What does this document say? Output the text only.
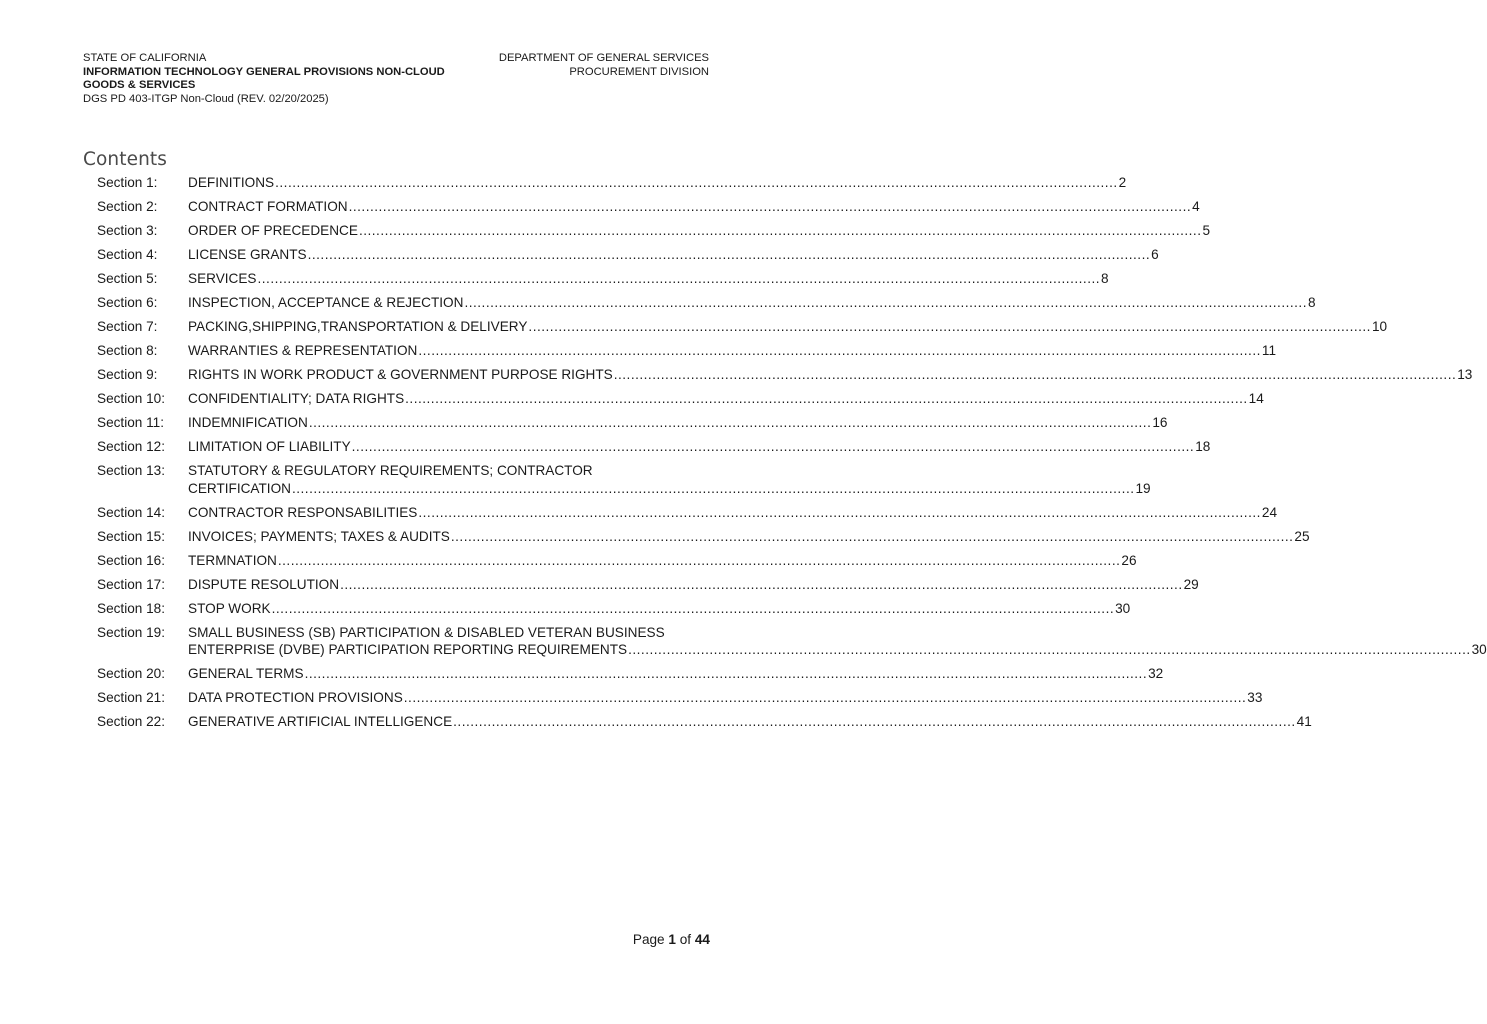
STATE OF CALIFORNIA
INFORMATION TECHNOLOGY GENERAL PROVISIONS NON-CLOUD
GOODS & SERVICES
DGS PD 403-ITGP Non-Cloud (REV. 02/20/2025)
DEPARTMENT OF GENERAL SERVICES
PROCUREMENT DIVISION
Contents
Section 1:	DEFINITIONS .....	2
Section 2:	CONTRACT FORMATION .....	4
Section 3:	ORDER OF PRECEDENCE .....	5
Section 4:	LICENSE GRANTS .....	6
Section 5:	SERVICES .....	8
Section 6:	INSPECTION, ACCEPTANCE & REJECTION .....	8
Section 7:	PACKING,SHIPPING,TRANSPORTATION & DELIVERY .....	10
Section 8:	WARRANTIES & REPRESENTATION .....	11
Section 9:	RIGHTS IN WORK PRODUCT & GOVERNMENT PURPOSE RIGHTS .....	13
Section 10:	CONFIDENTIALITY; DATA RIGHTS .....	14
Section 11:	INDEMNIFICATION .....	16
Section 12:	LIMITATION OF LIABILITY .....	18
Section 13:	STATUTORY & REGULATORY REQUIREMENTS; CONTRACTOR
CERTIFICATION .....	19
Section 14:	CONTRACTOR RESPONSABILITIES .....	24
Section 15:	INVOICES; PAYMENTS; TAXES & AUDITS .....	25
Section 16:	TERMNATION .....	26
Section 17:	DISPUTE RESOLUTION .....	29
Section 18:	STOP WORK .....	30
Section 19:	SMALL BUSINESS (SB) PARTICIPATION & DISABLED VETERAN BUSINESS
ENTERPRISE (DVBE) PARTICIPATION REPORTING REQUIREMENTS .....	30
Section 20:	GENERAL TERMS .....	32
Section 21:	DATA PROTECTION PROVISIONS .....	33
Section 22:	GENERATIVE ARTIFICIAL INTELLIGENCE .....	41
Page 1 of 44
